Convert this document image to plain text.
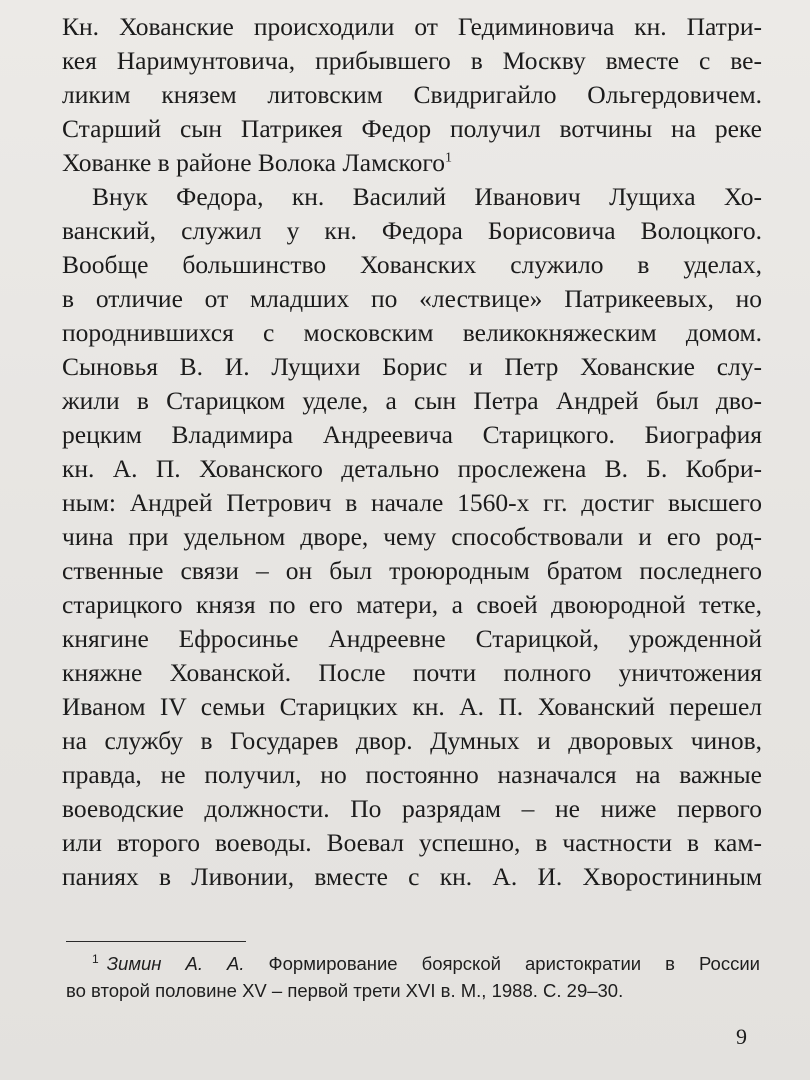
Кн. Хованские происходили от Гедиминовича кн. Патри-
кея Наримунтовича, прибывшего в Москву вместе с ве-
ликим князем литовским Свидригайло Ольгердовичем.
Старший сын Патрикея Федор получил вотчины на реке
Хованке в районе Волока Ламского$^1$
Внук Федора, кн. Василий Иванович Лущиха Хо-
ванский, служил у кн. Федора Борисовича Волоцкого.
Вообще большинство Хованских служило в уделах,
в отличие от младших по «лествице» Патрикеевых, но
породнившихся с московским великокняжеским домом.
Сыновья В. И. Лущихи Борис и Петр Хованские слу-
жили в Старицком уделе, а сын Петра Андрей был дво-
рецким Владимира Андреевича Старицкого. Биография
кн. А. П. Хованского детально прослежена В. Б. Кобри-
ным: Андрей Петрович в начале 1560-х гг. достиг высшего
чина при удельном дворе, чему способствовали и его род-
ственные связи – он был троюродным братом последнего
старицкого князя по его матери, а своей двоюродной тетке,
княгине Ефросинье Андреевне Старицкой, урожденной
княжне Хованской. После почти полного уничтожения
Иваном IV семьи Старицких кн. А. П. Хованский перешел
на службу в Государев двор. Думных и дворовых чинов,
правда, не получил, но постоянно назначался на важные
воеводские должности. По разрядам – не ниже первого
или второго воеводы. Воевал успешно, в частности в кам-
паниях в Ливонии, вместе с кн. А. И. Хворостининым
$^1$ Зимин А. А. Формирование боярской аристократии в России
во второй половине XV – первой трети XVI в. М., 1988. С. 29–30.
9
